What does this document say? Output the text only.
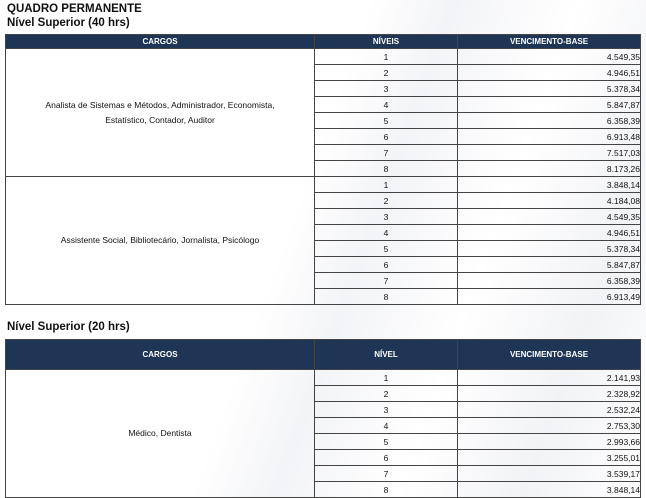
QUADRO PERMANENTE
Nível Superior (40 hrs)
CARGOS	NÍVEIS	VENCIMENTO-BASE
Analista de Sistemas e Métodos, Administrador, Economista,
Estatístico, Contador, Auditor	1	4.549,35
	2	4.946,51
	3	5.378,34
	4	5.847,87
	5	6.358,39
	6	6.913,48
	7	7.517,03
	8	8.173,26
Assistente Social, Bibliotecário, Jornalista, Psicólogo	1	3.848,14
	2	4.184,08
	3	4.549,35
	4	4.946,51
	5	5.378,34
	6	5.847,87
	7	6.358,39
	8	6.913,49
Nível Superior (20 hrs)
CARGOS	NÍVEL	VENCIMENTO-BASE
Médico, Dentista	1	2.141,93
	2	2.328,92
	3	2.532,24
	4	2.753,30
	5	2.993,66
	6	3.255,01
	7	3.539,17
	8	3.848,14
